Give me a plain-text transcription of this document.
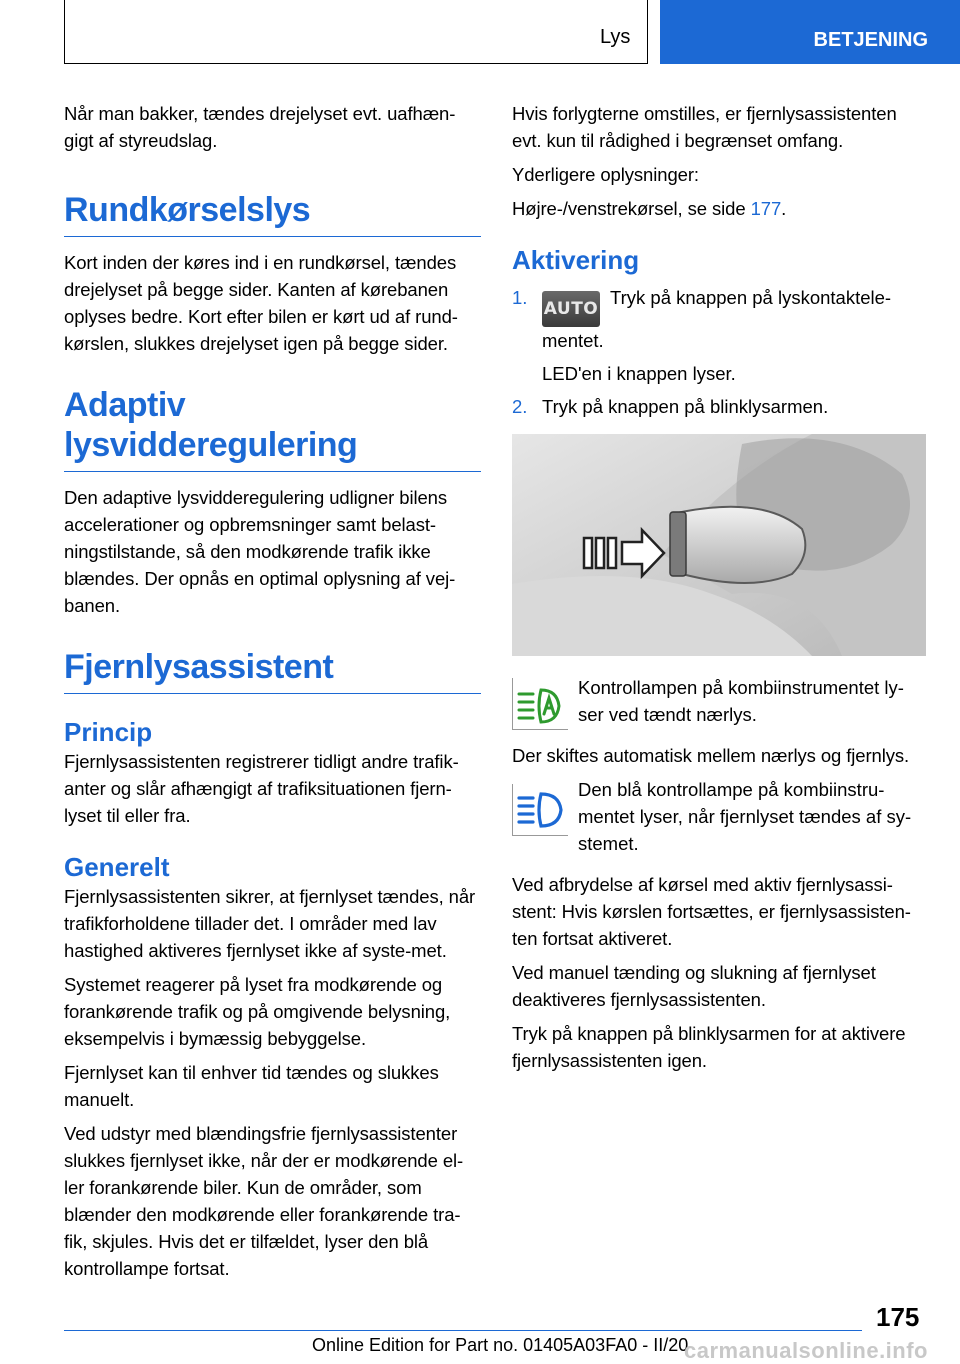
Lys	BETJENING

Når man bakker, tændes drejelyset evt. uafhæn-gigt af styreudslag.

Rundkørselslys

Kort inden der køres ind i en rundkørsel, tændes drejelyset på begge sider. Kanten af kørebanen oplyses bedre. Kort efter bilen er kørt ud af rund-kørslen, slukkes drejelyset igen på begge sider.

Adaptiv lysvidderegulering

Den adaptive lysvidderegulering udligner bilens accelerationer og opbremsninger samt belast-ningstilstande, så den modkørende trafik ikke blændes. Der opnås en optimal oplysning af vej-banen.

Fjernlysassistent
Princip

Fjernlysassistenten registrerer tidligt andre trafik-anter og slår afhængigt af trafiksituationen fjern-lyset til eller fra.

Generelt

Fjernlysassistenten sikrer, at fjernlyset tændes, når trafikforholdene tillader det. I områder med lav hastighed aktiveres fjernlyset ikke af syste-met.

Systemet reagerer på lyset fra modkørende og forankørende trafik og på omgivende belysning, eksempelvis i bymæssig bebyggelse.

Fjernlyset kan til enhver tid tændes og slukkes manuelt.

Ved udstyr med blændingsfrie fjernlysassistenter slukkes fjernlyset ikke, når der er modkørende el-ler forankørende biler. Kun de områder, som blænder den modkørende eller forankørende tra-fik, skjules. Hvis det er tilfældet, lyser den blå kontrollampe fortsat.

Hvis forlygterne omstilles, er fjernlysassistenten evt. kun til rådighed i begrænset omfang.

Yderligere oplysninger:

Højre-/venstrekørsel, se side 177.

Aktivering
1.
AUTOTryk på knappen på lyskontaktele-mentet.
LED'en i knappen lyser.
2. Tryk på knappen på blinklysarmen.
Kontrollampen på kombiinstrumentet ly-ser ved tændt nærlys.

Der skiftes automatisk mellem nærlys og fjernlys.

Den blå kontrollampe på kombiinstru-mentet lyser, når fjernlyset tændes af sy-stemet.

Ved afbrydelse af kørsel med aktiv fjernlysassi-stent: Hvis kørslen fortsættes, er fjernlysassisten-ten fortsat aktiveret.

Ved manuel tænding og slukning af fjernlyset deaktiveres fjernlysassistenten.

Tryk på knappen på blinklysarmen for at aktivere fjernlysassistenten igen.

175
Online Edition for Part no. 01405A03FA0 - II/20
carmanualsonline.info
